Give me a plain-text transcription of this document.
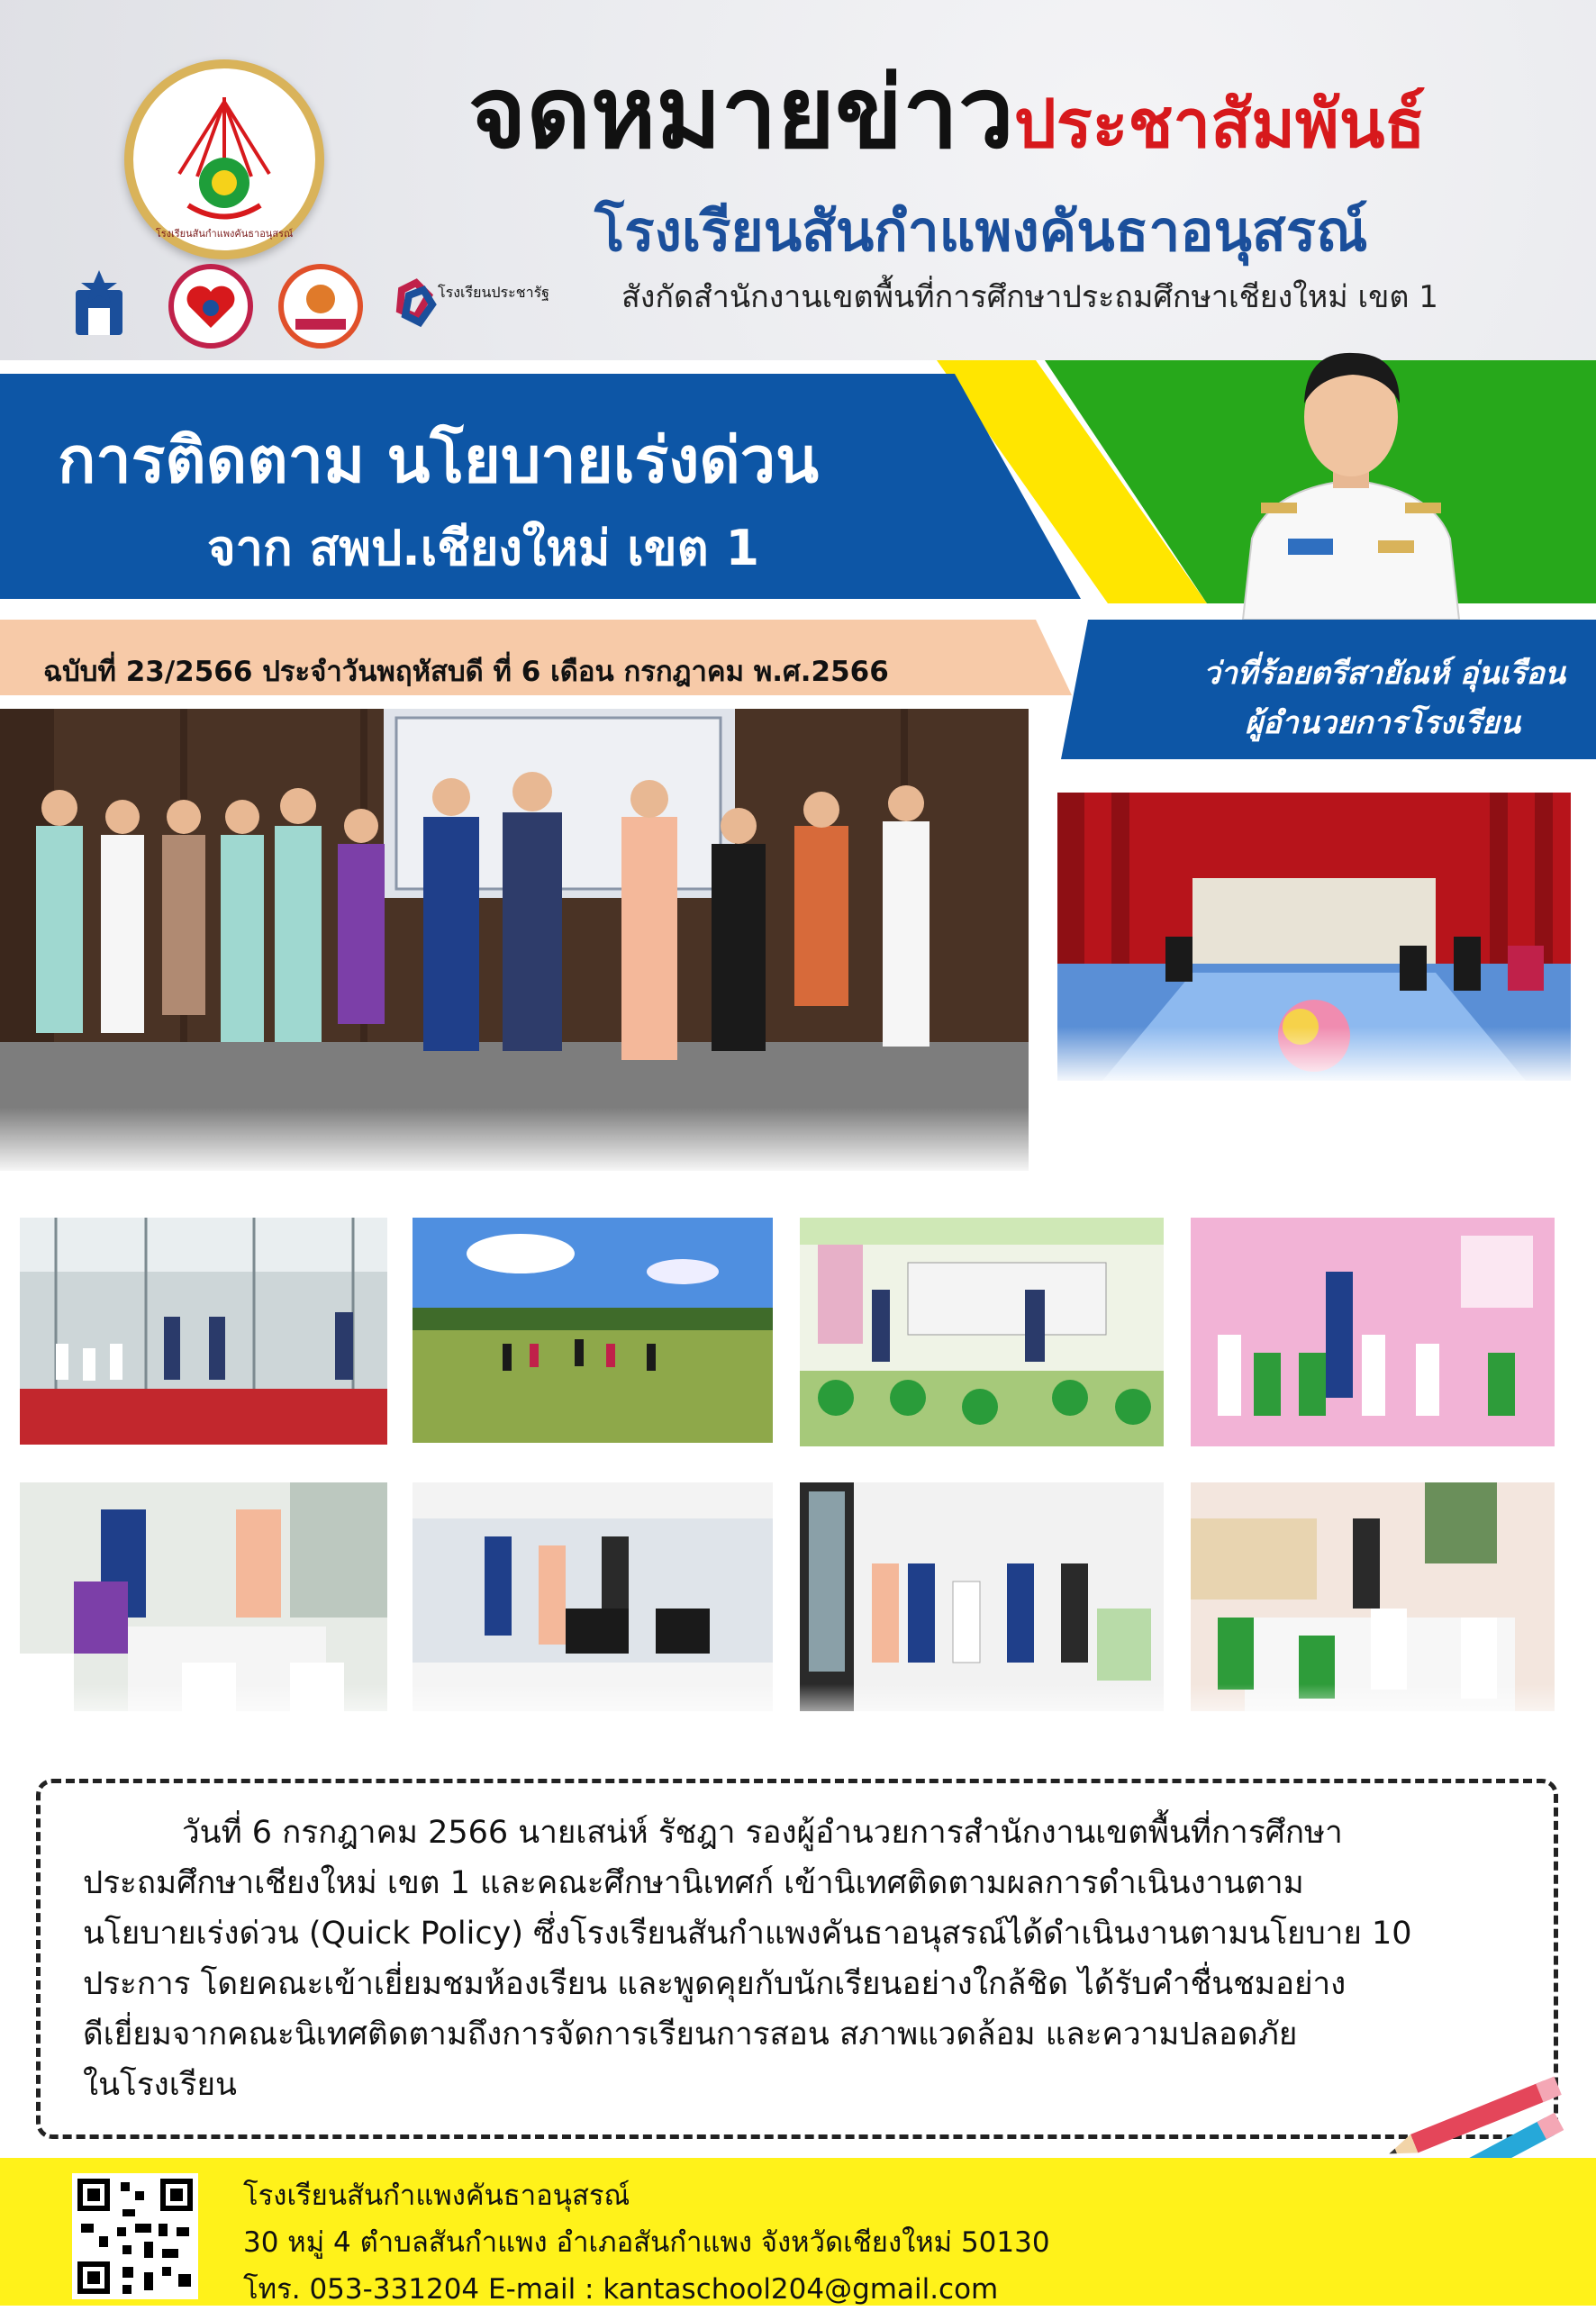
โรงเรียนสันกำแพงคันธาอนุสรณ์
โรงเรียนประชารัฐ
จดหมายข่าวประชาสัมพันธ์
โรงเรียนสันกำแพงคันธาอนุสรณ์
สังกัดสำนักงานเขตพื้นที่การศึกษาประถมศึกษาเชียงใหม่ เขต 1
การติดตาม นโยบายเร่งด่วน
จาก สพป.เชียงใหม่ เขต 1
ฉบับที่ 23/2566 ประจำวันพฤหัสบดี ที่ 6 เดือน กรกฎาคม พ.ศ.2566	ว่าที่ร้อยตรีสายัณห์ อุ่นเรือน
ผู้อำนวยการโรงเรียน
วันที่ 6 กรกฎาคม 2566 นายเสน่ห์ รัชฎา รองผู้อำนวยการสำนักงานเขตพื้นที่การศึกษา
ประถมศึกษาเชียงใหม่ เขต 1 และคณะศึกษานิเทศก์ เข้านิเทศติดตามผลการดำเนินงานตาม
นโยบายเร่งด่วน (Quick Policy) ซึ่งโรงเรียนสันกำแพงคันธาอนุสรณ์ได้ดำเนินงานตามนโยบาย 10
ประการ โดยคณะเข้าเยี่ยมชมห้องเรียน และพูดคุยกับนักเรียนอย่างใกล้ชิด ได้รับคำชื่นชมอย่าง
ดีเยี่ยมจากคณะนิเทศติดตามถึงการจัดการเรียนการสอน สภาพแวดล้อม และความปลอดภัย
ในโรงเรียน
โรงเรียนสันกำแพงคันธาอนุสรณ์
30 หมู่ 4 ตำบลสันกำแพง อำเภอสันกำแพง จังหวัดเชียงใหม่ 50130
โทร. 053-331204 E-mail : kantaschool204@gmail.com
